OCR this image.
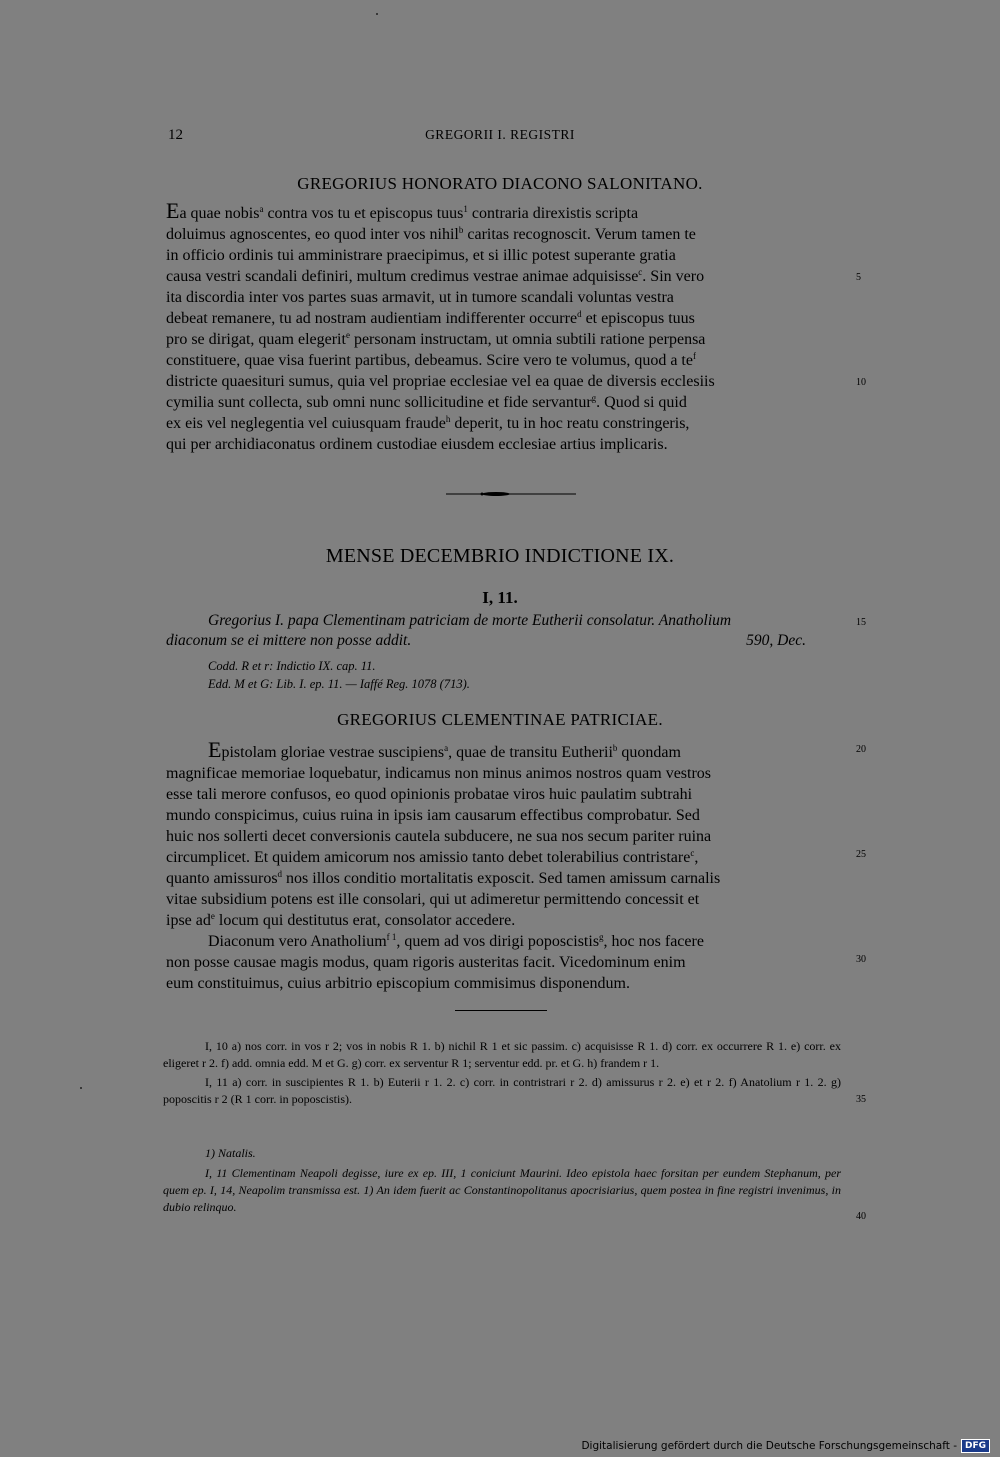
12	GREGORII I. REGISTRI
GREGORIUS HONORATO DIACONO SALONITANO.
Ea quae nobis$^a$ contra vos tu et episcopus tuus$^1$ contraria direxistis scripta
doluimus agnoscentes, eo quod inter vos nihil$^b$ caritas recognoscit. Verum tamen te
in officio ordinis tui amministrare praecipimus, et si illic potest superante gratia
causa vestri scandali definiri, multum credimus vestrae animae adquisisse$^c$. Sin vero
ita discordia inter vos partes suas armavit, ut in tumore scandali voluntas vestra
debeat remanere, tu ad nostram audientiam indifferenter occurre$^d$ et episcopus tuus
pro se dirigat, quam elegerit$^e$ personam instructam, ut omnia subtili ratione perpensa
constituere, quae visa fuerint partibus, debeamus. Scire vero te volumus, quod a $te^f$
districte quaesituri sumus, quia vel propriae ecclesiae vel ea quae de diversis ecclesiis
cymilia sunt collecta, sub omni nunc sollicitudine et fide servantur$^g$. Quod si quid
ex eis vel neglegentia vel cuiusquam fraude$^h$ deperit, tu in hoc reatu constringeris,
qui per archidiaconatus ordinem custodiae eiusdem ecclesiae artius implicaris.
5
10
MENSE DECEMBRIO INDICTIONE IX.
I, 11.
Gregorius I. papa Clementinam patriciam de morte Eutherii consolatur. Anatholium
diaconum se ei mittere non posse addit.	590, Dec.
15
Codd. R et r: Indictio IX. cap. 11.
Edd. M et G: Lib. I. ep. 11. — Iaffé Reg. 1078 (713).
GREGORIUS CLEMENTINAE PATRICIAE.
Epistolam gloriae vestrae suscipiens$^a$, quae de transitu Eutherii$^b$ quondam
magnificae memoriae loquebatur, indicamus non minus animos nostros quam vestros
esse tali merore confusos, eo quod opinionis probatae viros huic paulatim subtrahi
mundo conspicimus, cuius ruina in ipsis iam causarum effectibus comprobatur. Sed
huic nos sollerti decet conversionis cautela subducere, ne sua nos secum pariter ruina
circumplicet. Et quidem amicorum nos amissio tanto debet tolerabilius contristare$^c$,
quanto amissuros$^d$ nos illos conditio mortalitatis exposcit. Sed tamen amissum carnalis
vitae subsidium potens est ille consolari, qui ut adimeretur permittendo concessit et
ipse $ad^e$ locum qui destitutus erat, consolator accedere.
Diaconum vero Anatholium$^{f 1}$, quem ad vos dirigi poposcistis$^g$, hoc nos facere
non posse causae magis modus, quam rigoris austeritas facit. Vicedominum enim
eum constituimus, cuius arbitrio episcopium commisimus disponendum.
20
25
30

I, 10 a) nos corr. in vos r 2; vos in nobis R 1. b) nichil R 1 et sic passim. c) acquisisse R 1. d) corr. ex occurrere R 1. e) corr. ex eligeret r 2. f) add. omnia edd. M et G. g) corr. ex serventur R 1; serventur edd. pr. et G. h) frandem r 1.

I, 11 a) corr. in suscipientes R 1. b) Euterii r 1. 2. c) corr. in contristrari r 2. d) amissurus r 2. e) et r 2. f) Anatolium r 1. 2. g) poposcitis r 2 (R 1 corr. in poposcistis).	35

1) Natalis.

I, 11 Clementinam Neapoli degisse, iure ex ep. III, 1 coniciunt Maurini. Ideo epistola haec forsitan per eundem Stephanum, per quem ep. I, 14, Neapolim transmissa est. 1) An idem fuerit ac Constantinopolitanus apocrisiarius, quem postea in fine registri invenimus, in dubio relinquo.

40
Digitalisierung gefördert durch die Deutsche Forschungsgemeinschaft - DFG
